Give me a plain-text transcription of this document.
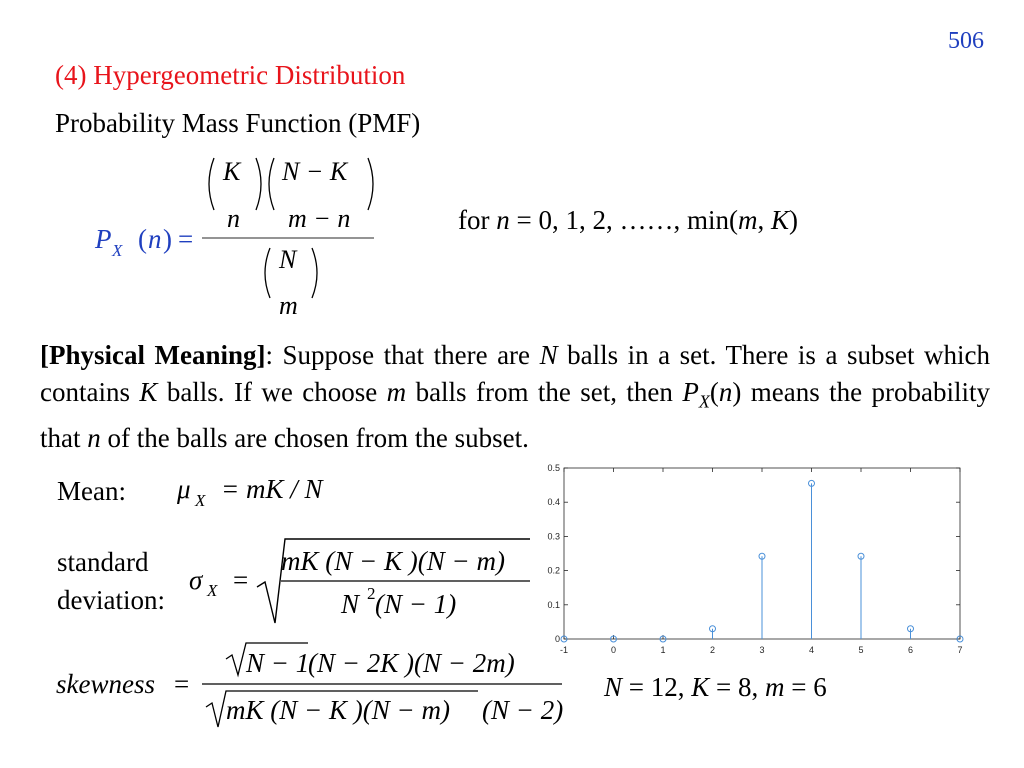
506
(4) Hypergeometric Distribution
Probability Mass Function (PMF)
P X ( n ) =
K
n
N − K
m − n
N
m
for n = 0, 1, 2, ……, min(m, K)
[Physical Meaning]: Suppose that there are N balls in a set. There is a subset which contains K balls. If we choose m balls from the set, then $P_X(n)$ means the probability that n of the balls are chosen from the subset.
Mean: μ X = mK / N
standard
deviation:
σ X =
mK (N − K )(N − m)
N 2 (N − 1)
skewness =
N − 1
(N − 2K )(N − 2m)
mK (N − K )(N − m) (N − 2)
N = 12, K = 8, m = 6
0
0.1
0.2
0.3
0.4
0.5
-1	0	1	2	3	4	5	6	7
